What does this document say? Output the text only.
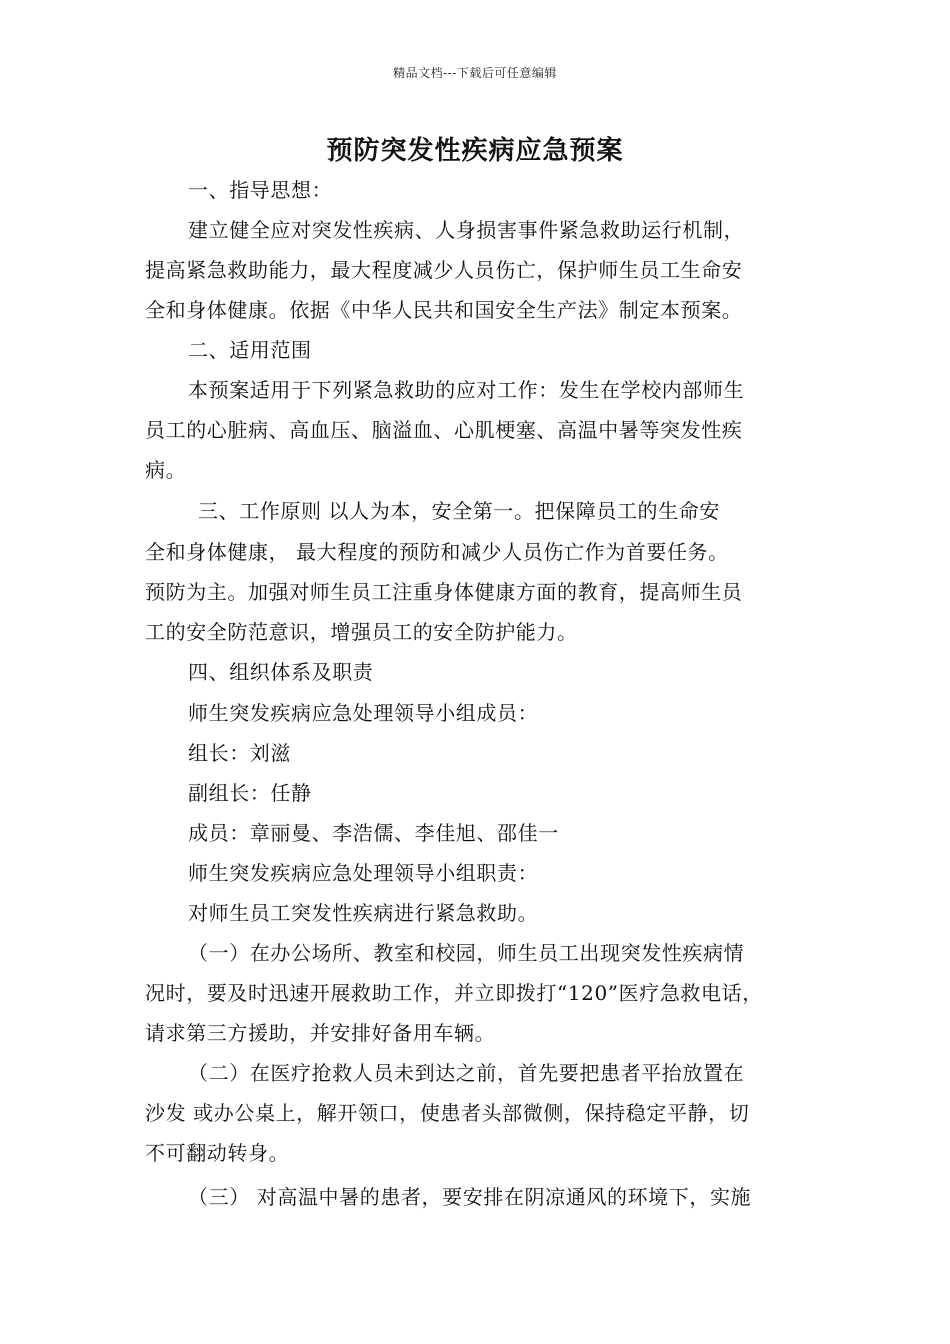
精品文档---下载后可任意编辑
预防突发性疾病应急预案
一、指导思想：
建立健全应对突发性疾病、人身损害事件紧急救助运行机制，
提高紧急救助能力，最大程度减少人员伤亡，保护师生员工生命安
全和身体健康。依据《中华人民共和国安全生产法》制定本预案。
二、适用范围
本预案适用于下列紧急救助的应对工作：发生在学校内部师生
员工的心脏病、高血压、脑溢血、心肌梗塞、高温中暑等突发性疾
病。
三、工作原则 以人为本，安全第一。把保障员工的生命安
全和身体健康， 最大程度的预防和减少人员伤亡作为首要任务。
预防为主。加强对师生员工注重身体健康方面的教育，提高师生员
工的安全防范意识，增强员工的安全防护能力。
四、组织体系及职责
师生突发疾病应急处理领导小组成员：
组长：刘滋
副组长：任静
成员：章丽曼、李浩儒、李佳旭、邵佳一
师生突发疾病应急处理领导小组职责：
对师生员工突发性疾病进行紧急救助。
（一）在办公场所、教室和校园，师生员工出现突发性疾病情
况时，要及时迅速开展救助工作，并立即拨打“120”医疗急救电话，
请求第三方援助，并安排好备用车辆。
（二）在医疗抢救人员未到达之前，首先要把患者平抬放置在
沙发 或办公桌上，解开领口，使患者头部微侧，保持稳定平静，切
不可翻动转身。
（三） 对高温中暑的患者，要安排在阴凉通风的环境下，实施
